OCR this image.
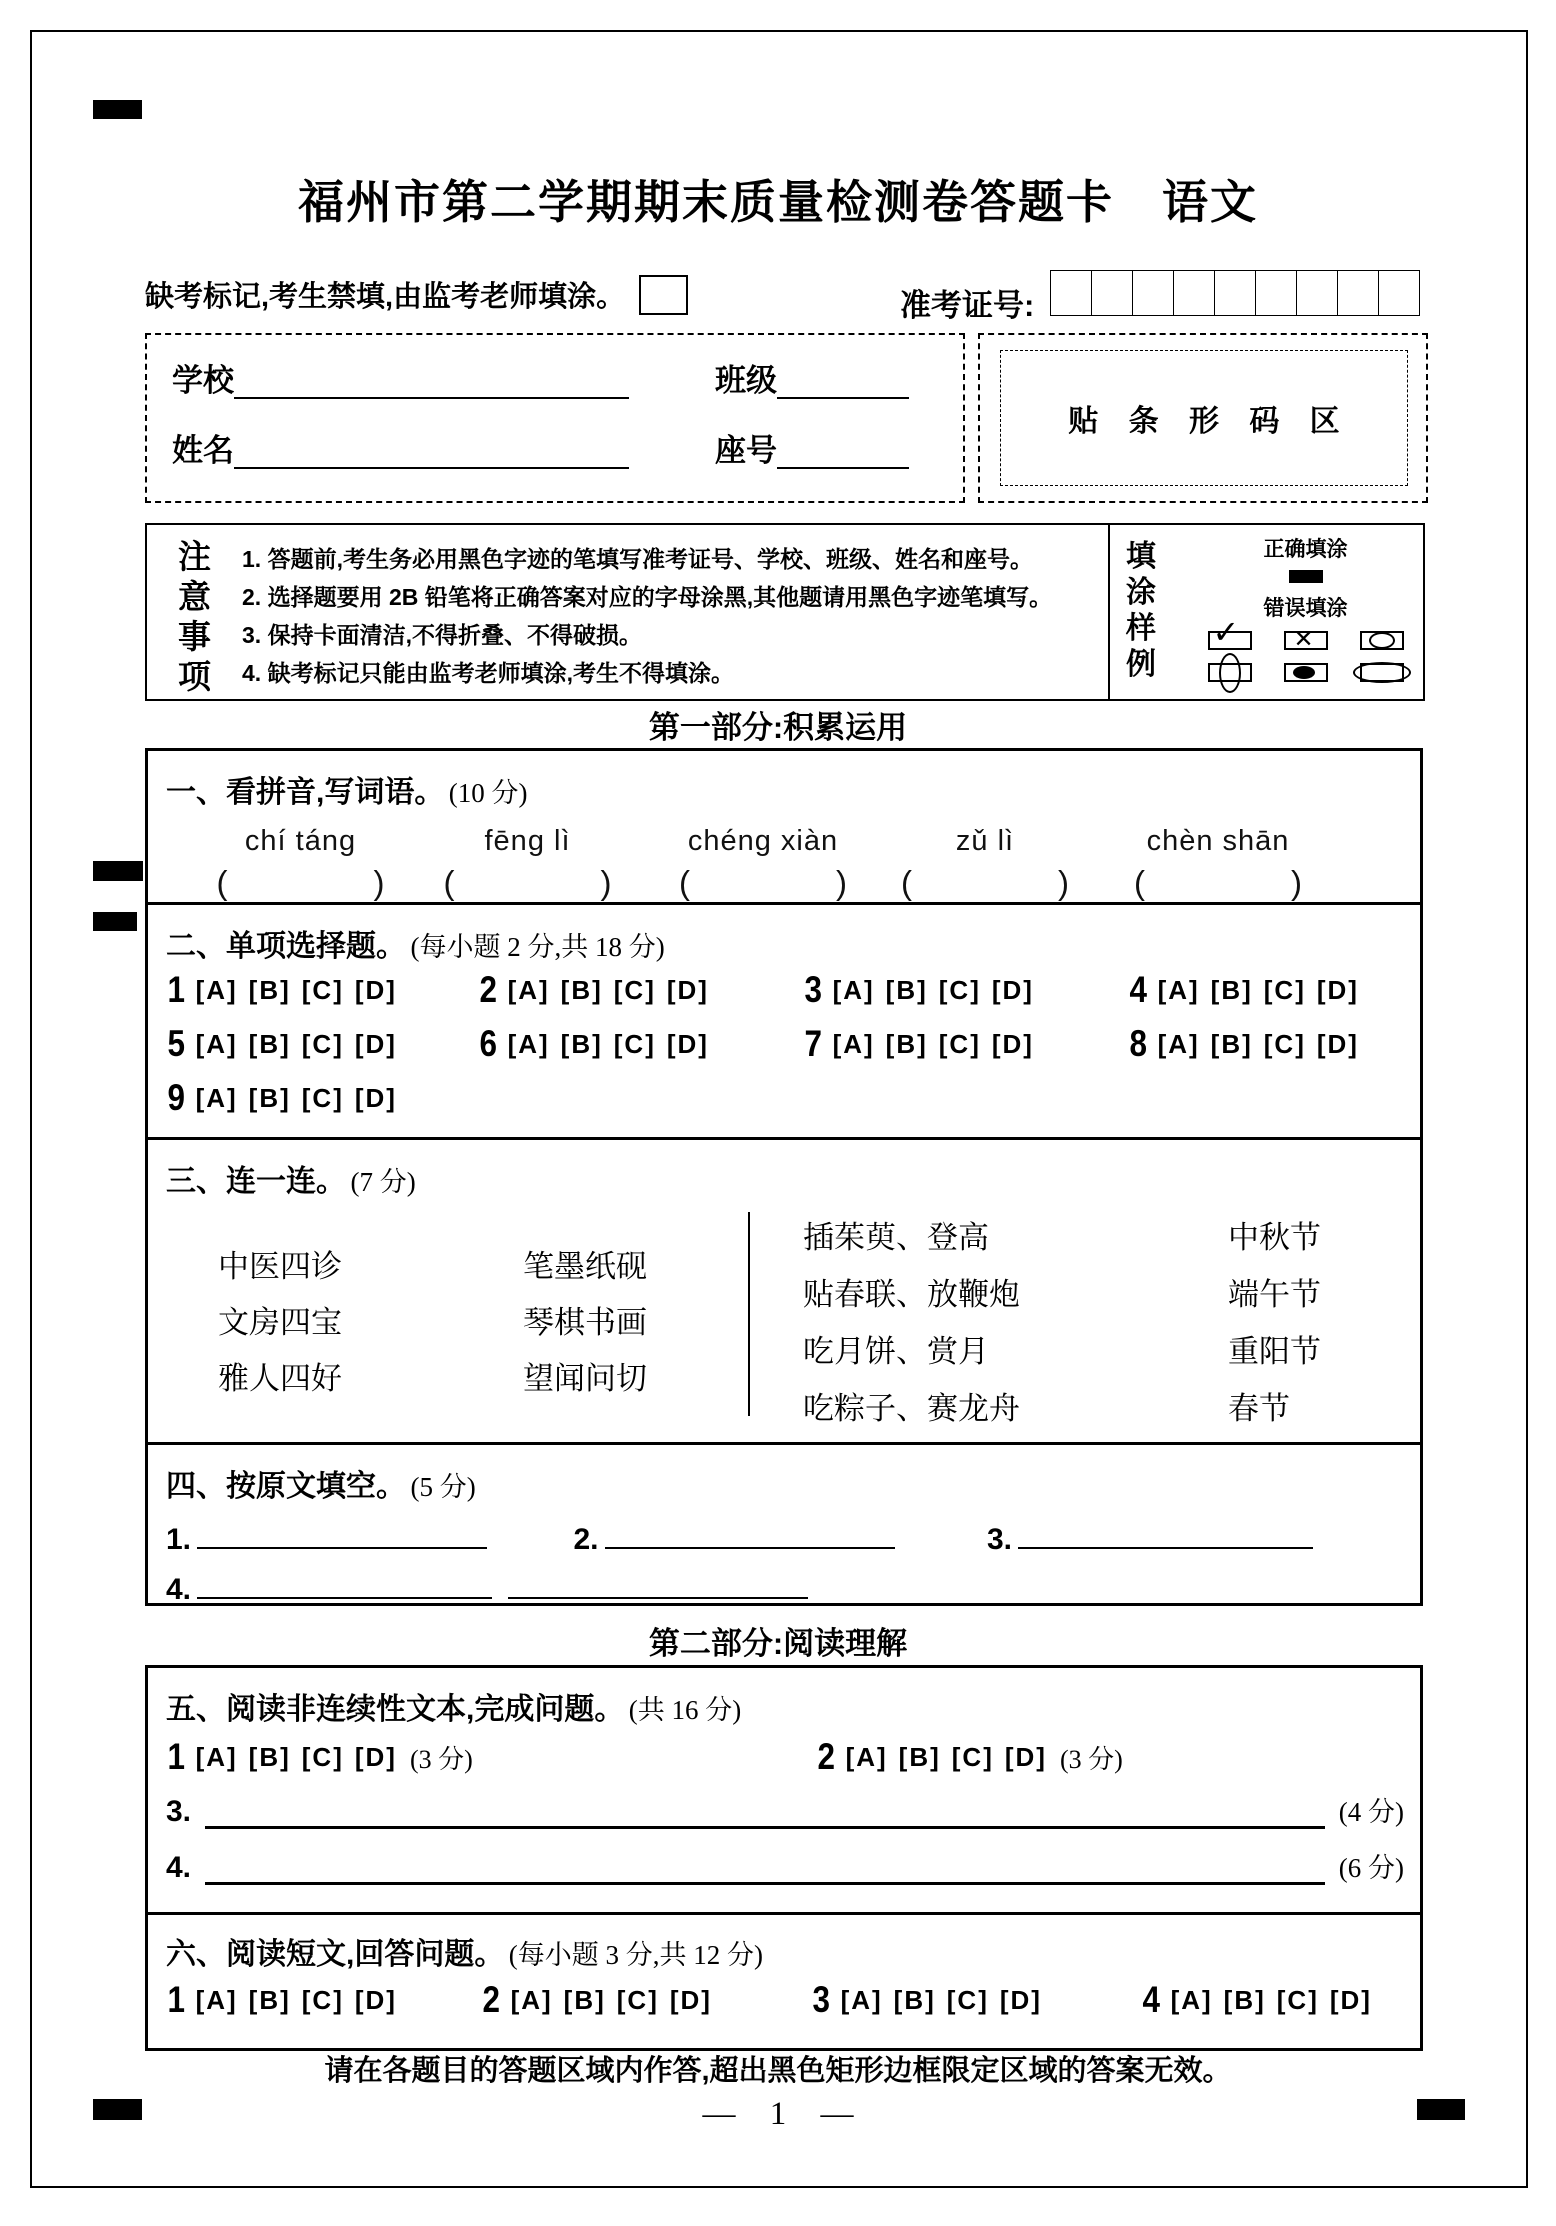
福州市第二学期期末质量检测卷答题卡　语文
缺考标记,考生禁填,由监考老师填涂。	准考证号:
学校	班级
姓名	座号
贴 条 形 码 区
注
意
事
项
1. 答题前,考生务必用黑色字迹的笔填写准考证号、学校、班级、姓名和座号。
2. 选择题要用 2B 铅笔将正确答案对应的字母涂黑,其他题请用黑色字迹笔填写。
3. 保持卡面清洁,不得折叠、不得破损。
4. 缺考标记只能由监考老师填涂,考生不得填涂。
填
涂
样
例
正确填涂
错误填涂
✓ ✕
第一部分:积累运用
一、看拼音,写词语。 (10 分)
chí táng
(	)
fēng lì
(	)
chéng xiàn
(	)
zǔ lì
(	)
chèn shān
(	)
二、单项选择题。 (每小题 2 分,共 18 分)
1 [A] [B] [C] [D] 2 [A] [B] [C] [D]	3 [A] [B] [C] [D]	4 [A] [B] [C] [D]
5 [A] [B] [C] [D] 6 [A] [B] [C] [D]	7 [A] [B] [C] [D]	8 [A] [B] [C] [D]
9 [A] [B] [C] [D]
三、连一连。 (7 分)
中医四诊
文房四宝
雅人四好
笔墨纸砚
琴棋书画
望闻问切
插茱萸、登高
贴春联、放鞭炮
吃月饼、赏月
吃粽子、赛龙舟
中秋节
端午节
重阳节
春节
四、按原文填空。 (5 分)
1.	2.	3.
4.
第二部分:阅读理解
五、阅读非连续性文本,完成问题。 (共 16 分)
1 [A] [B] [C] [D] (3 分)	2 [A] [B] [C] [D] (3 分)
3.	(4 分)
4.	(6 分)
六、阅读短文,回答问题。 (每小题 3 分,共 12 分)
1 [A] [B] [C] [D] 2 [A] [B] [C] [D]	3 [A] [B] [C] [D]	4 [A] [B] [C] [D]
请在各题目的答题区域内作答,超出黑色矩形边框限定区域的答案无效。
— 1 —
